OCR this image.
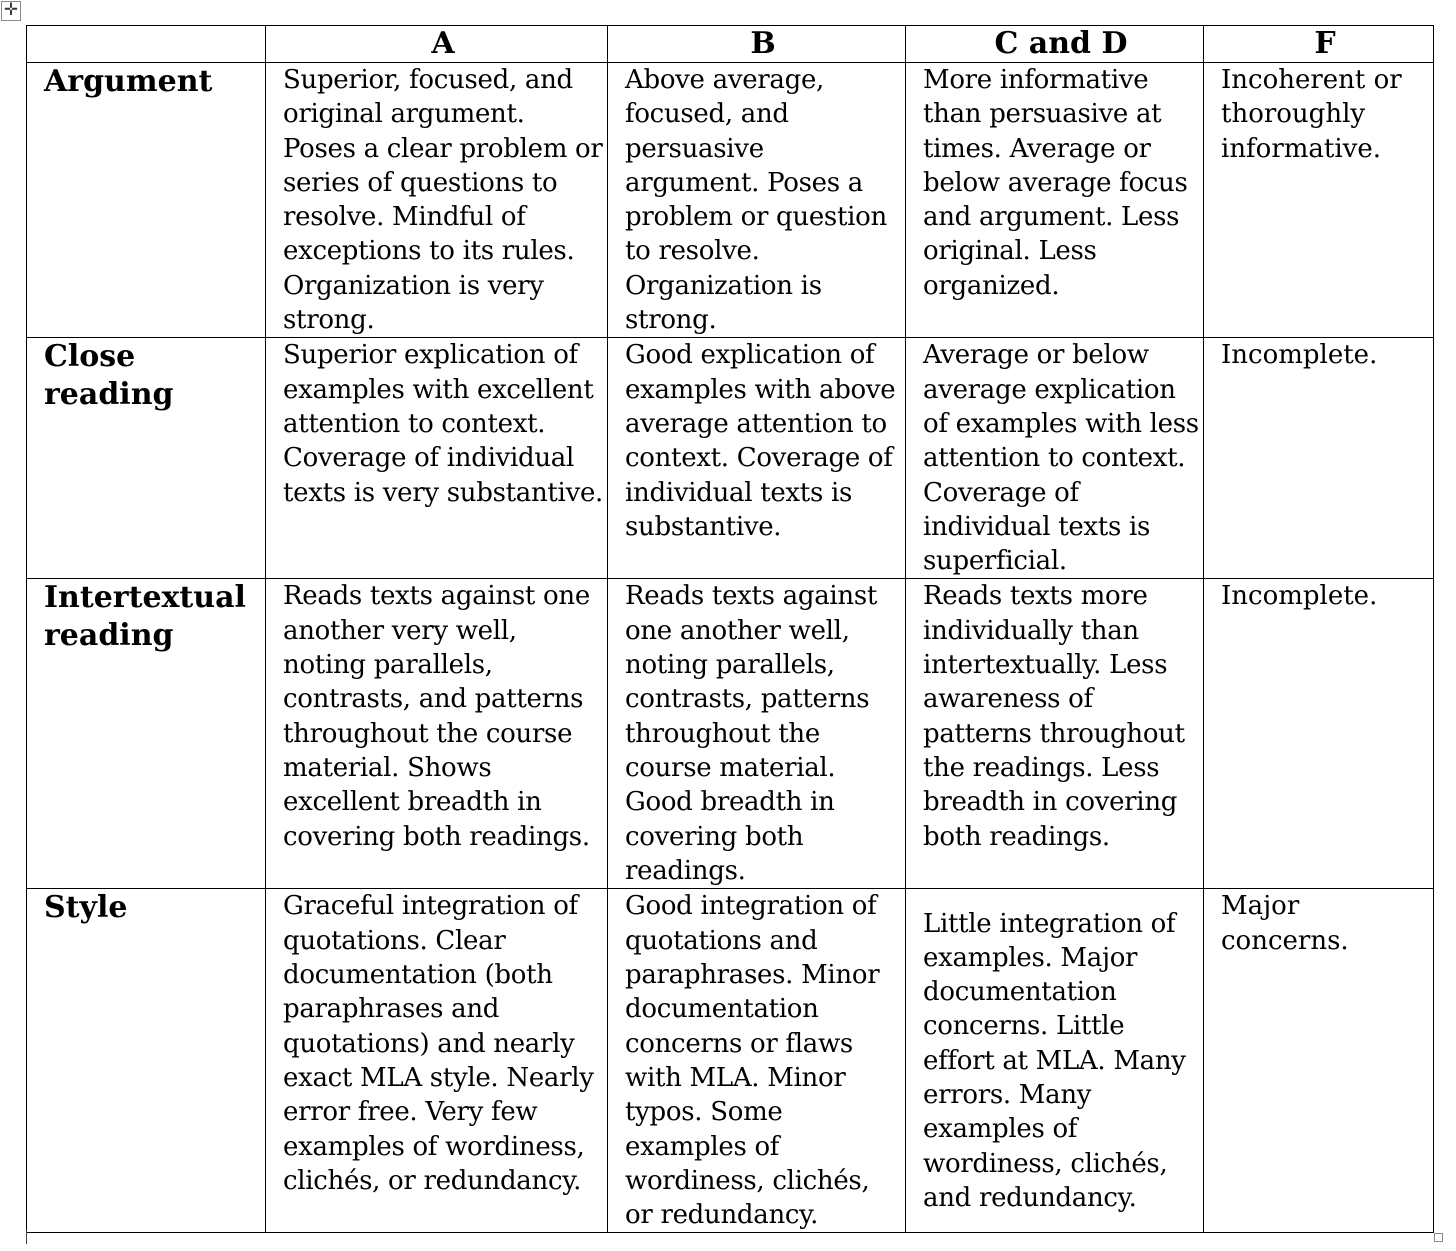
✛
	A	B	C and D	F
Argument	Superior, focused, and original argument. Poses a clear problem or series of questions to resolve. Mindful of exceptions to its rules. Organization is very strong.	Above average, focused, and persuasive argument. Poses a problem or question to resolve. Organization is strong.	More informative than persuasive at times. Average or below average focus and argument. Less original. Less organized.	Incoherent or thoroughly informative.
Close reading	Superior explication of examples with excellent attention to context. Coverage of individual texts is very substantive.	Good explication of examples with above average attention to context. Coverage of individual texts is substantive.	Average or below average explication of examples with less attention to context. Coverage of individual texts is superficial.	Incomplete.
Intertextual reading	Reads texts against one another very well, noting parallels, contrasts, and patterns throughout the course material. Shows excellent breadth in covering both readings.	Reads texts against one another well, noting parallels, contrasts, patterns throughout the course material. Good breadth in covering both readings.	Reads texts more individually than intertextually. Less awareness of patterns throughout the readings. Less breadth in covering both readings.	Incomplete.
Style	Graceful integration of quotations. Clear documentation (both paraphrases and quotations) and nearly exact MLA style. Nearly error free. Very few examples of wordiness, clichés, or redundancy.	Good integration of quotations and paraphrases. Minor documentation concerns or flaws with MLA. Minor typos. Some examples of wordiness, clichés, or redundancy.	Little integration of examples. Major documentation concerns. Little effort at MLA. Many errors. Many examples of wordiness, clichés, and redundancy.	Major concerns.
